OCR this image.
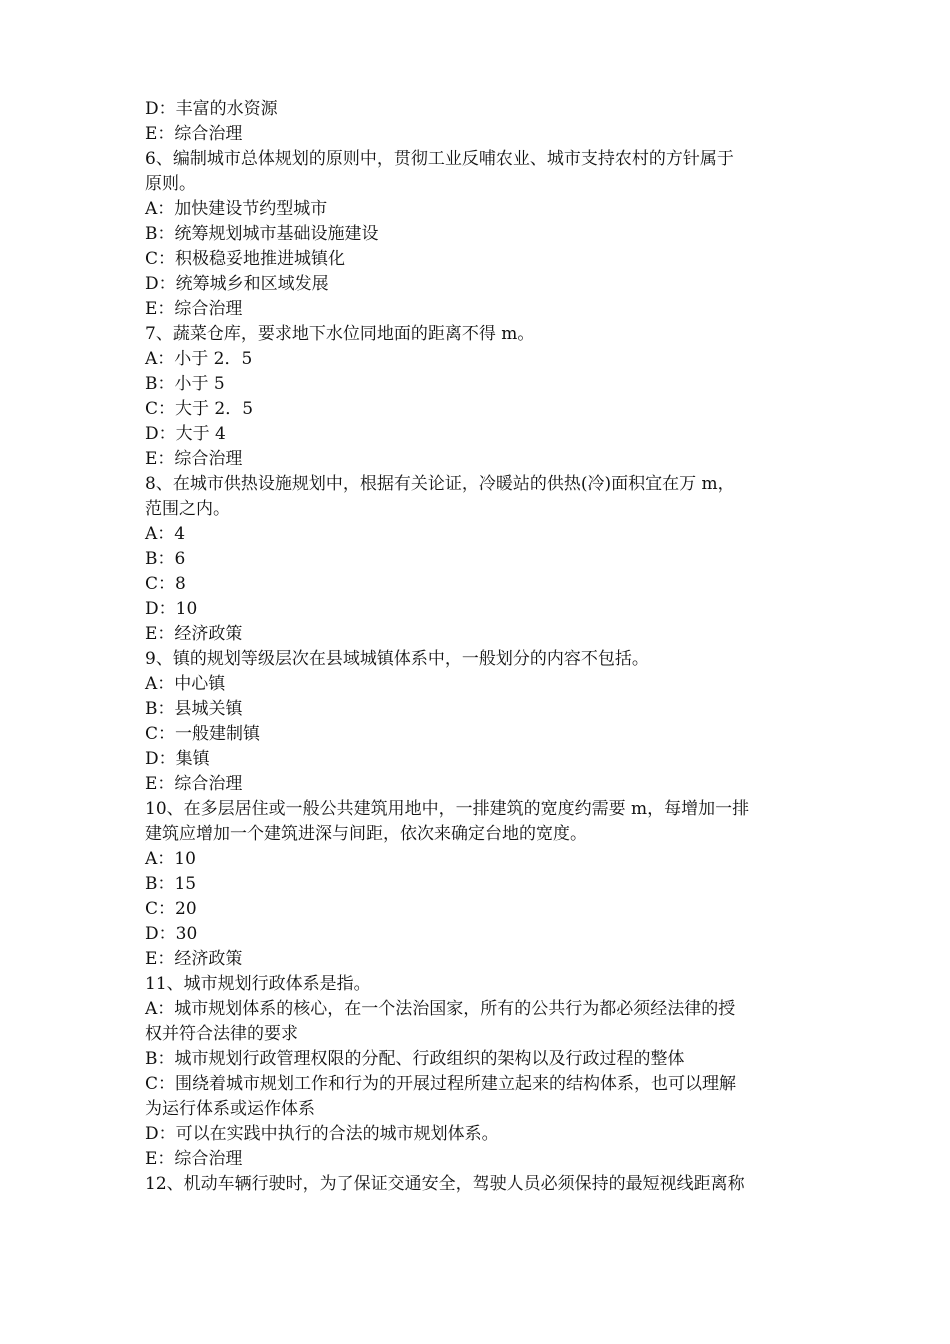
D：丰富的水资源
E：综合治理
6、编制城市总体规划的原则中，贯彻工业反哺农业、城市支持农村的方针属于
原则。
A：加快建设节约型城市
B：统筹规划城市基础设施建设
C：积极稳妥地推进城镇化
D：统筹城乡和区域发展
E：综合治理
7、蔬菜仓库，要求地下水位同地面的距离不得 m。
A：小于 2．5
B：小于 5
C：大于 2．5
D：大于 4
E：综合治理
8、在城市供热设施规划中，根据有关论证，冷暖站的供热(冷)面积宜在万 m，
范围之内。
A：4
B：6
C：8
D：10
E：经济政策
9、镇的规划等级层次在县域城镇体系中，一般划分的内容不包括。
A：中心镇
B：县城关镇
C：一般建制镇
D：集镇
E：综合治理
10、在多层居住或一般公共建筑用地中，一排建筑的宽度约需要 m，每增加一排
建筑应增加一个建筑进深与间距，依次来确定台地的宽度。
A：10
B：15
C：20
D：30
E：经济政策
11、城市规划行政体系是指。
A：城市规划体系的核心，在一个法治国家，所有的公共行为都必须经法律的授
权并符合法律的要求
B：城市规划行政管理权限的分配、行政组织的架构以及行政过程的整体
C：围绕着城市规划工作和行为的开展过程所建立起来的结构体系，也可以理解
为运行体系或运作体系
D：可以在实践中执行的合法的城市规划体系。
E：综合治理
12、机动车辆行驶时，为了保证交通安全，驾驶人员必须保持的最短视线距离称
